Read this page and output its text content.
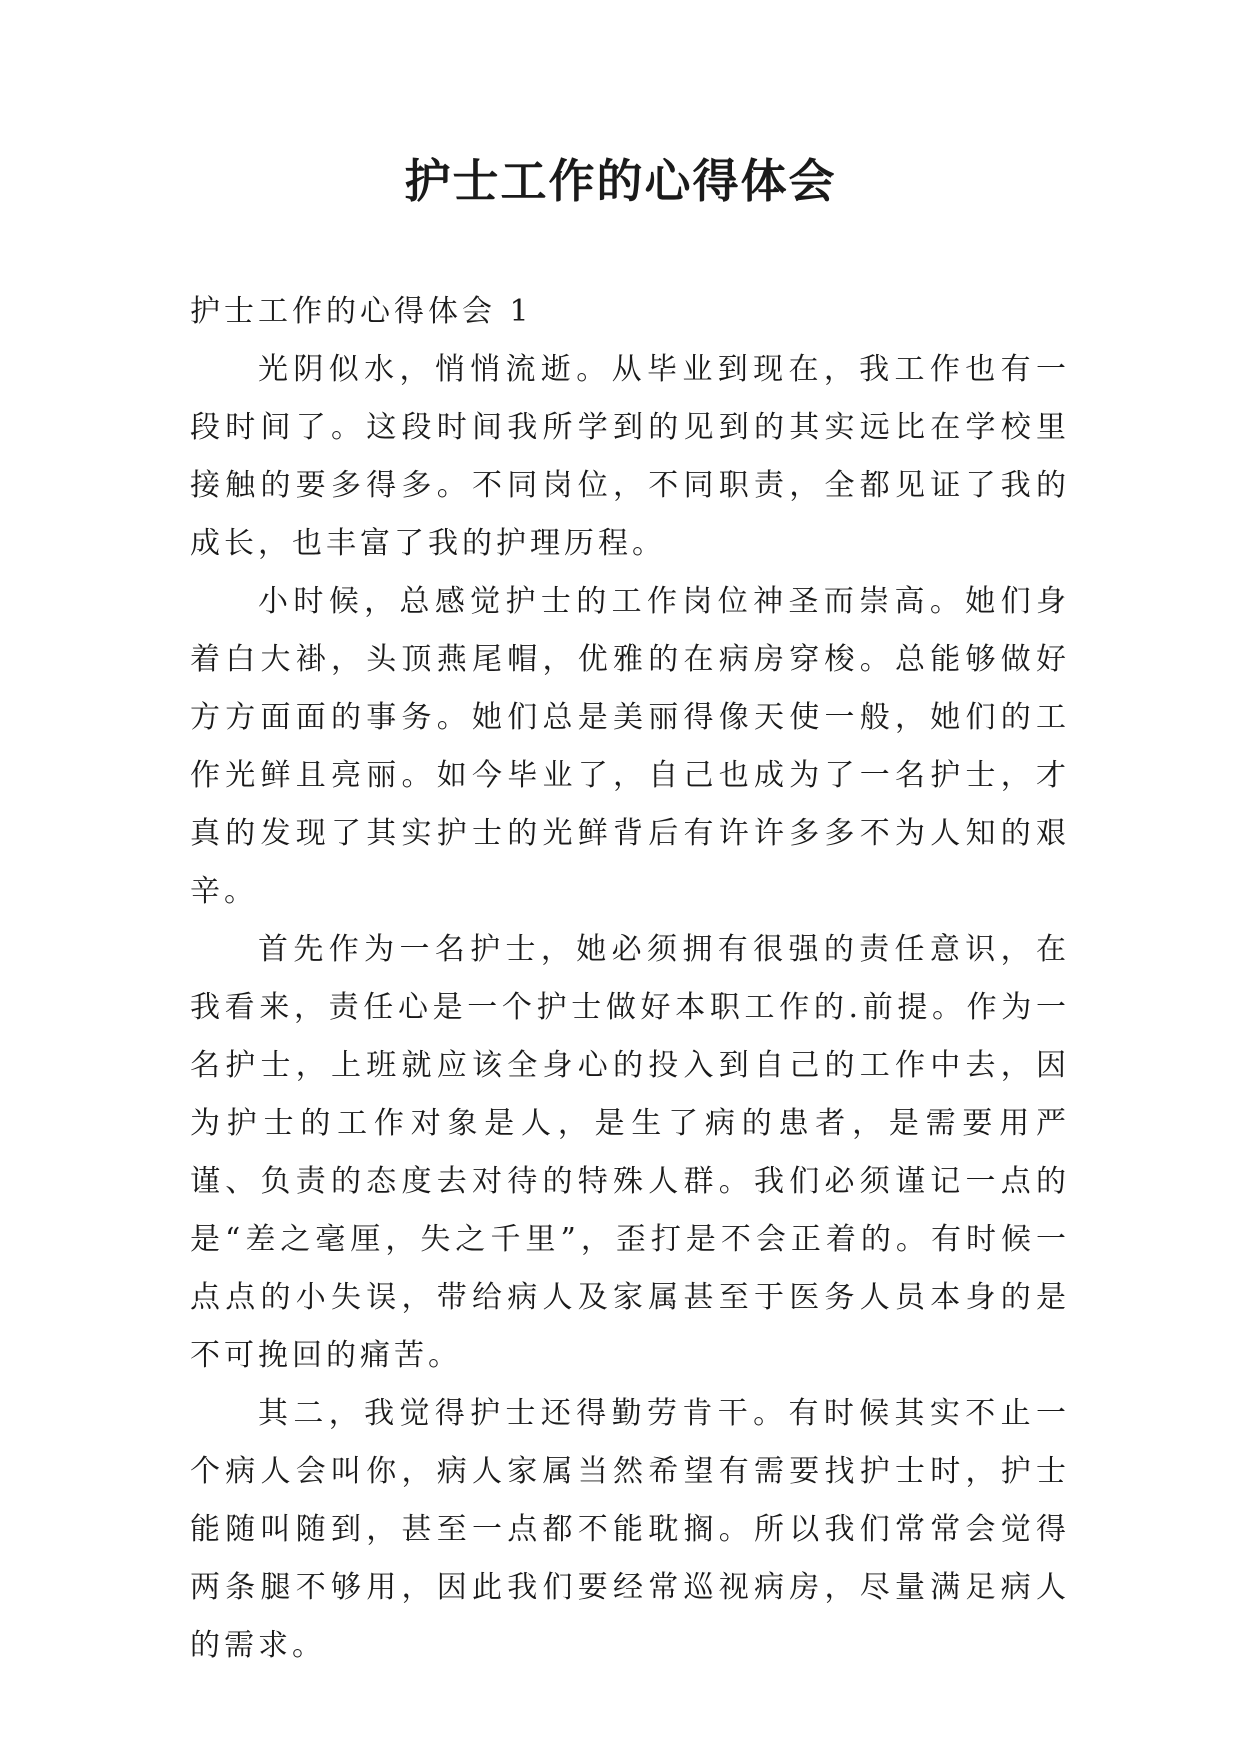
护士工作的心得体会
护士工作的心得体会 1

光阴似水，悄悄流逝。从毕业到现在，我工作也有一段时间了。这段时间我所学到的见到的其实远比在学校里接触的要多得多。不同岗位，不同职责，全都见证了我的成长，也丰富了我的护理历程。

小时候，总感觉护士的工作岗位神圣而崇高。她们身着白大褂，头顶燕尾帽，优雅的在病房穿梭。总能够做好方方面面的事务。她们总是美丽得像天使一般，她们的工作光鲜且亮丽。如今毕业了，自己也成为了一名护士，才真的发现了其实护士的光鲜背后有许许多多不为人知的艰辛。

首先作为一名护士，她必须拥有很强的责任意识，在我看来，责任心是一个护士做好本职工作的.前提。作为一名护士，上班就应该全身心的投入到自己的工作中去，因为护士的工作对象是人，是生了病的患者，是需要用严谨、负责的态度去对待的特殊人群。我们必须谨记一点的是“差之毫厘，失之千里”，歪打是不会正着的。有时候一点点的小失误，带给病人及家属甚至于医务人员本身的是不可挽回的痛苦。

其二，我觉得护士还得勤劳肯干。有时候其实不止一个病人会叫你，病人家属当然希望有需要找护士时，护士能随叫随到，甚至一点都不能耽搁。所以我们常常会觉得两条腿不够用，因此我们要经常巡视病房，尽量满足病人的需求。
